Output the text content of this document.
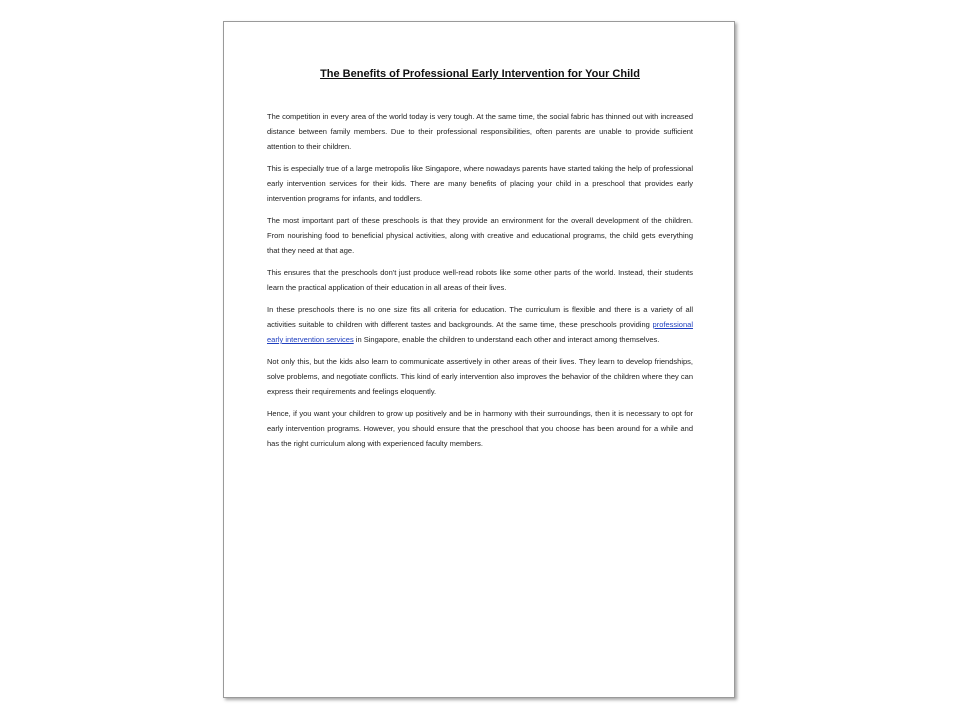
The Benefits of Professional Early Intervention for Your Child

The competition in every area of the world today is very tough. At the same time, the social fabric has thinned out with increased distance between family members. Due to their professional responsibilities, often parents are unable to provide sufficient attention to their children.

This is especially true of a large metropolis like Singapore, where nowadays parents have started taking the help of professional early intervention services for their kids. There are many benefits of placing your child in a preschool that provides early intervention programs for infants, and toddlers.

The most important part of these preschools is that they provide an environment for the overall development of the children. From nourishing food to beneficial physical activities, along with creative and educational programs, the child gets everything that they need at that age.

This ensures that the preschools don't just produce well-read robots like some other parts of the world. Instead, their students learn the practical application of their education in all areas of their lives.

In these preschools there is no one size fits all criteria for education. The curriculum is flexible and there is a variety of all activities suitable to children with different tastes and backgrounds. At the same time, these preschools providing professional early intervention services in Singapore, enable the children to understand each other and interact among themselves.

Not only this, but the kids also learn to communicate assertively in other areas of their lives. They learn to develop friendships, solve problems, and negotiate conflicts. This kind of early intervention also improves the behavior of the children where they can express their requirements and feelings eloquently.

Hence, if you want your children to grow up positively and be in harmony with their surroundings, then it is necessary to opt for early intervention programs. However, you should ensure that the preschool that you choose has been around for a while and has the right curriculum along with experienced faculty members.
